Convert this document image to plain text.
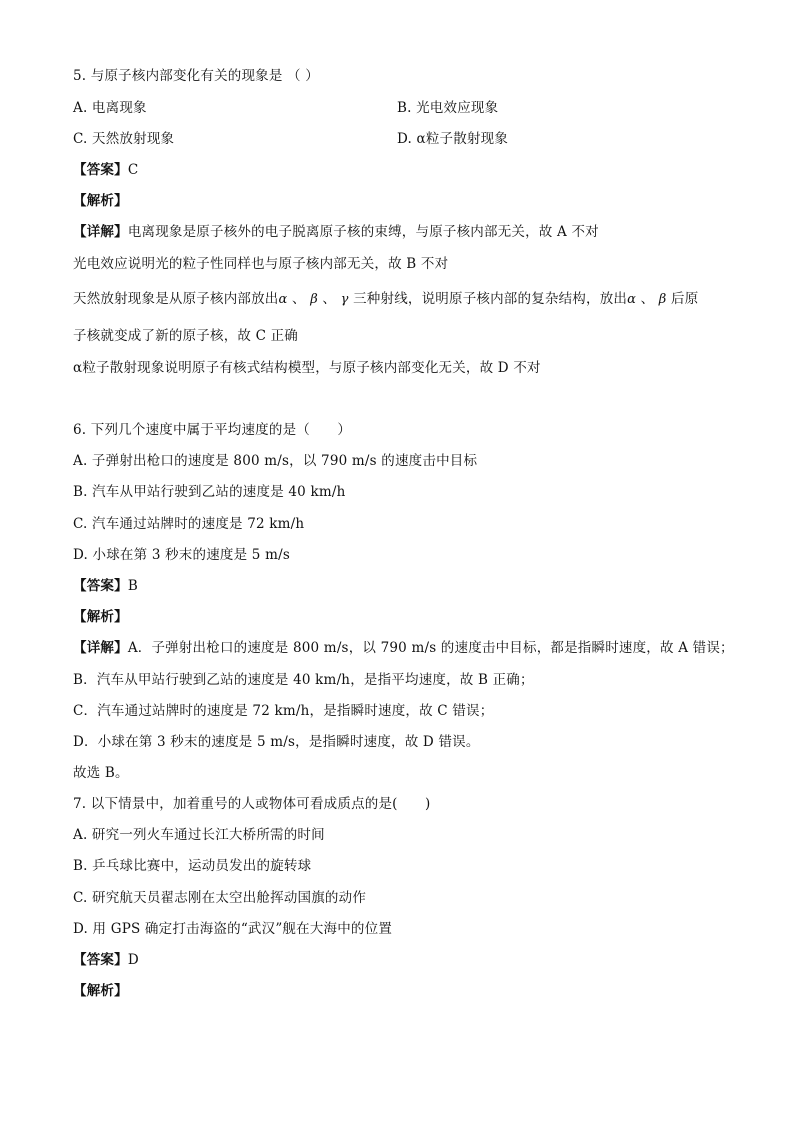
5. 与原子核内部变化有关的现象是 （ ）
A. 电离现象	B. 光电效应现象
C. 天然放射现象	D. α粒子散射现象
【答案】C
【解析】
【详解】电离现象是原子核外的电子脱离原子核的束缚，与原子核内部无关，故 A 不对
光电效应说明光的粒子性同样也与原子核内部无关，故 B 不对
天然放射现象是从原子核内部放出α 、 β 、 γ 三种射线，说明原子核内部的复杂结构，放出α 、 β 后原
子核就变成了新的原子核，故 C 正确
α粒子散射现象说明原子有核式结构模型，与原子核内部变化无关，故 D 不对
6. 下列几个速度中属于平均速度的是（　　）
A. 子弹射出枪口的速度是 800 m/s，以 790 m/s 的速度击中目标
B. 汽车从甲站行驶到乙站的速度是 40 km/h
C. 汽车通过站牌时的速度是 72 km/h
D. 小球在第 3 秒末的速度是 5 m/s
【答案】B
【解析】
【详解】A．子弹射出枪口的速度是 800 m/s，以 790 m/s 的速度击中目标，都是指瞬时速度，故 A 错误；
B．汽车从甲站行驶到乙站的速度是 40 km/h，是指平均速度，故 B 正确；
C．汽车通过站牌时的速度是 72 km/h，是指瞬时速度，故 C 错误；
D．小球在第 3 秒末的速度是 5 m/s，是指瞬时速度，故 D 错误。
故选 B。
7. 以下情景中，加着重号的人或物体可看成质点的是(　　)
A. 研究一列火车通过长江大桥所需的时间
B. 乒乓球比赛中，运动员发出的旋转球
C. 研究航天员翟志刚在太空出舱挥动国旗的动作
D. 用 GPS 确定打击海盗的“武汉”舰在大海中的位置
【答案】D
【解析】
